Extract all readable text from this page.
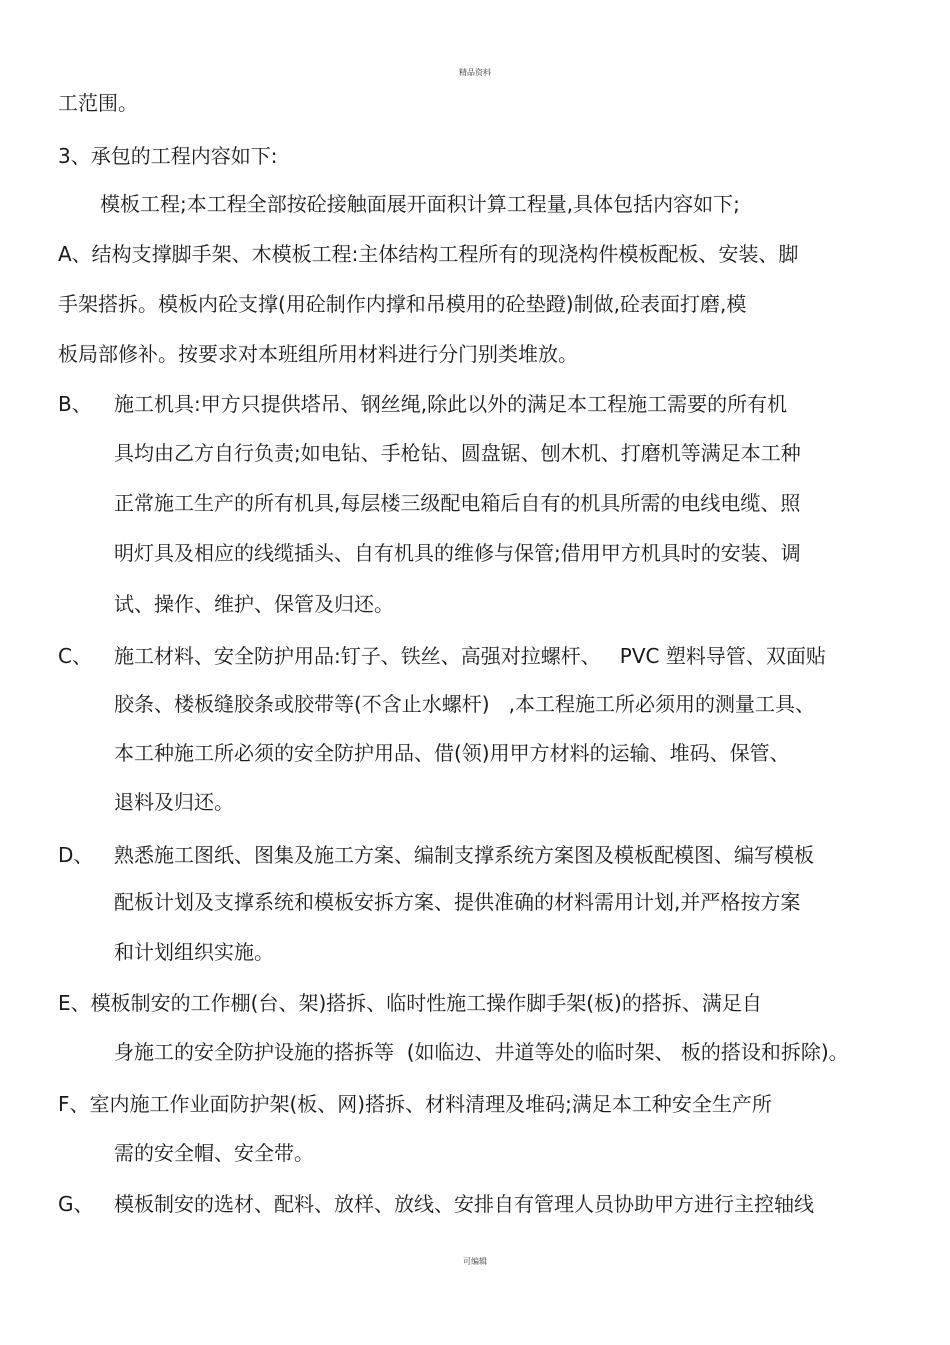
精品资料
工范围。
3、承包的工程内容如下:
模板工程;本工程全部按砼接触面展开面积计算工程量,具体包括内容如下;
A、结构支撑脚手架、木模板工程:主体结构工程所有的现浇构件模板配板、安装、脚
手架搭拆。模板内砼支撑(用砼制作内撑和吊模用的砼垫蹬)制做,砼表面打磨,模
板局部修补。按要求对本班组所用材料进行分门别类堆放。
B、 施工机具:甲方只提供塔吊、钢丝绳,除此以外的满足本工程施工需要的所有机
具均由乙方自行负责;如电钻、手枪钻、圆盘锯、刨木机、打磨机等满足本工种
正常施工生产的所有机具,每层楼三级配电箱后自有的机具所需的电线电缆、照
明灯具及相应的线缆插头、自有机具的维修与保管;借用甲方机具时的安装、调
试、操作、维护、保管及归还。
C、 施工材料、安全防护用品:钉子、铁丝、高强对拉螺杆、   PVC 塑料导管、双面贴
胶条、楼板缝胶条或胶带等(不含止水螺杆)   ,本工程施工所必须用的测量工具、
本工种施工所必须的安全防护用品、借(领)用甲方材料的运输、堆码、保管、
退料及归还。
D、 熟悉施工图纸、图集及施工方案、编制支撑系统方案图及模板配模图、编写模板
配板计划及支撑系统和模板安拆方案、提供准确的材料需用计划,并严格按方案
和计划组织实施。
E、模板制安的工作棚(台、架)搭拆、临时性施工操作脚手架(板)的搭拆、满足自
身施工的安全防护设施的搭拆等  (如临边、井道等处的临时架、 板的搭设和拆除)。
F、室内施工作业面防护架(板、网)搭拆、材料清理及堆码;满足本工种安全生产所
需的安全帽、安全带。
G、 模板制安的选材、配料、放样、放线、安排自有管理人员协助甲方进行主控轴线
可编辑
